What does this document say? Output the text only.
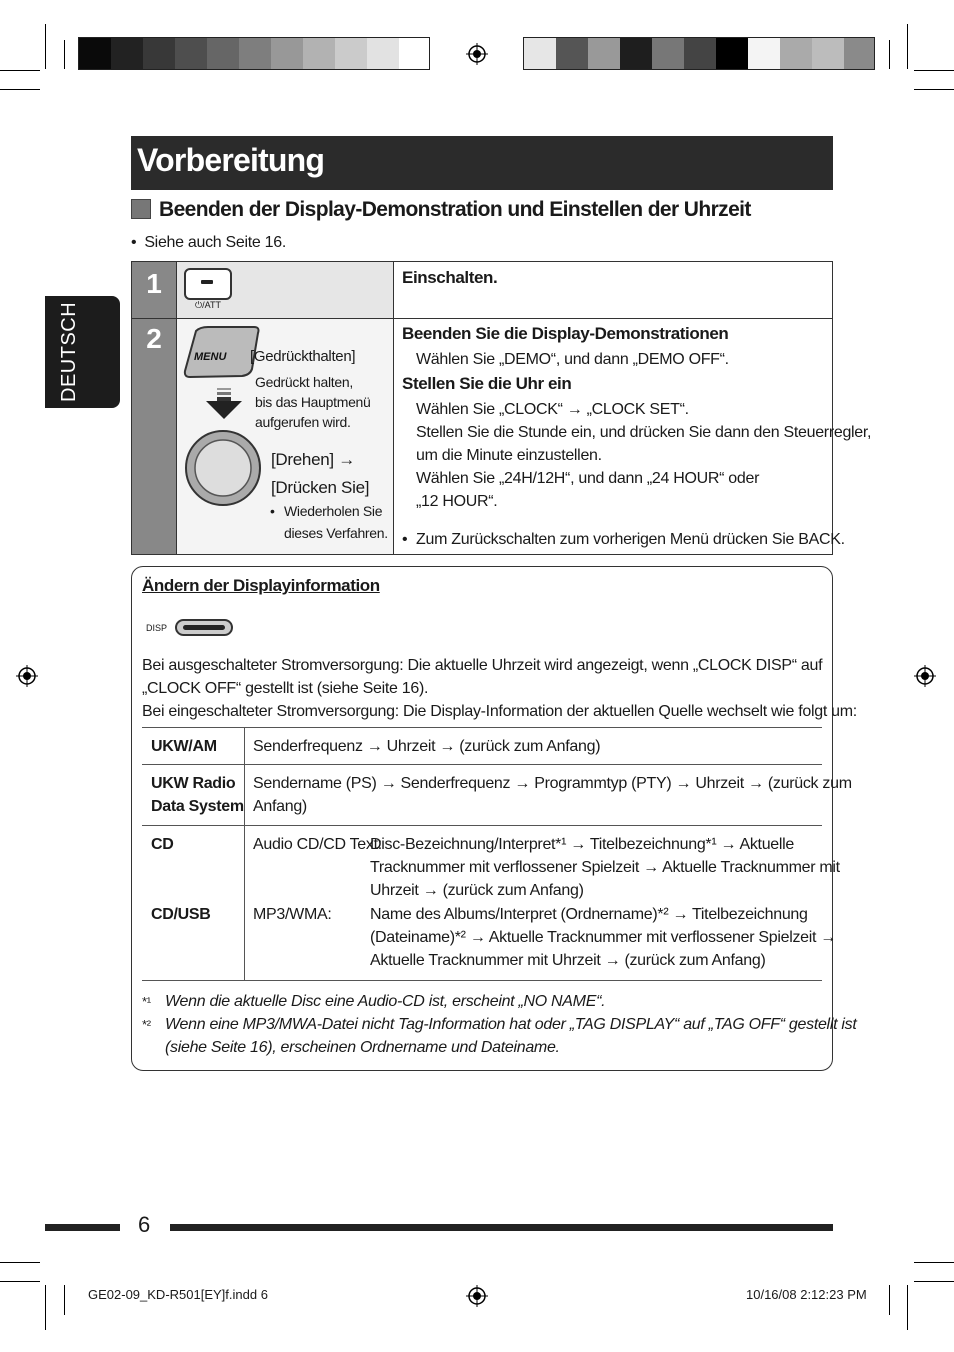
Vorbereitung
Beenden der Display-Demonstration und Einstellen der Uhrzeit
• Siehe auch Seite 16.
DEUTSCH
1
⏻/ATT
Einschalten.
2
MENU [Gedrückthalten]
Gedrückt halten,
bis das Hauptmenü
aufgerufen wird.
[Drehen] →
[Drücken Sie]
• Wiederholen Sie
dieses Verfahren.
Beenden Sie die Display-Demonstrationen
Wählen Sie „DEMO“, und dann „DEMO OFF“.
Stellen Sie die Uhr ein
Wählen Sie „CLOCK“ → „CLOCK SET“.
Stellen Sie die Stunde ein, und drücken Sie dann den Steuerregler,
um die Minute einzustellen.
Wählen Sie „24H/12H“, und dann „24 HOUR“ oder
„12 HOUR“.
• Zum Zurückschalten zum vorherigen Menü drücken Sie BACK.
Ändern der Displayinformation
DISP
Bei ausgeschalteter Stromversorgung: Die aktuelle Uhrzeit wird angezeigt, wenn „CLOCK DISP“ auf
„CLOCK OFF“ gestellt ist (siehe Seite 16).
Bei eingeschalteter Stromversorgung: Die Display-Information der aktuellen Quelle wechselt wie folgt um:
UKW/AM Senderfrequenz → Uhrzeit → (zurück zum Anfang)
UKW Radio
Data System
Sendername (PS) → Senderfrequenz → Programmtyp (PTY) → Uhrzeit → (zurück zum
Anfang)
CD
CD/USB
Audio CD/CD Text:
Disc-Bezeichnung/Interpret*¹ → Titelbezeichnung*¹ → Aktuelle
Tracknummer mit verflossener Spielzeit → Aktuelle Tracknummer mit
Uhrzeit → (zurück zum Anfang)
MP3/WMA: Name des Albums/Interpret (Ordnername)*² → Titelbezeichnung
(Dateiname)*² → Aktuelle Tracknummer mit verflossener Spielzeit →
Aktuelle Tracknummer mit Uhrzeit → (zurück zum Anfang)
*¹ Wenn die aktuelle Disc eine Audio-CD ist, erscheint „NO NAME“.
*² Wenn eine MP3/MWA-Datei nicht Tag-Information hat oder „TAG DISPLAY“ auf „TAG OFF“ gestellt ist
(siehe Seite 16), erscheinen Ordnername und Dateiname.
6
GE02-09_KD-R501[EY]f.indd 6	10/16/08 2:12:23 PM
